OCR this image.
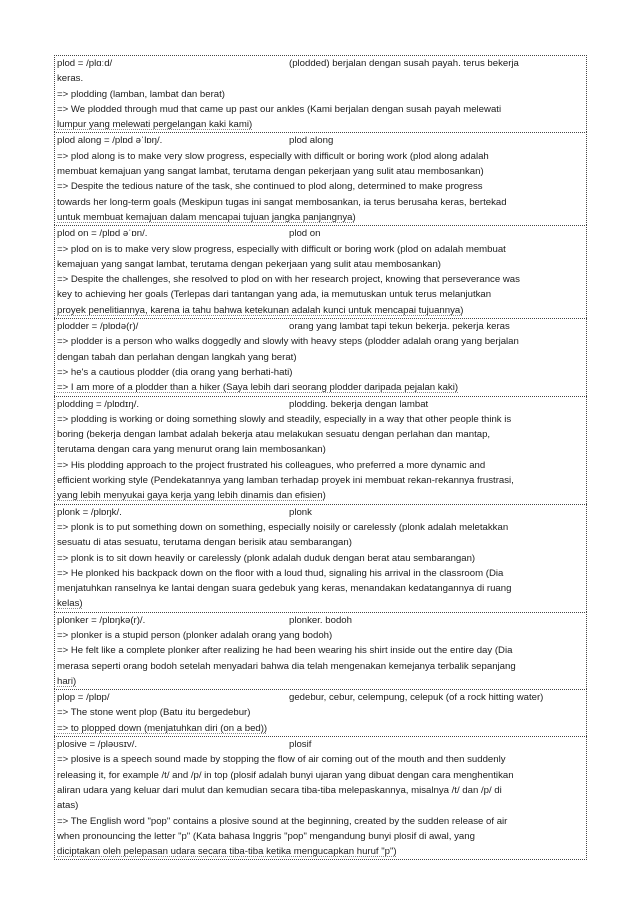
plod = /plɑːd/	(plodded) berjalan dengan susah payah. terus bekerja
keras.
=> plodding (lamban, lambat dan berat)
=> We plodded through mud that came up past our ankles (Kami berjalan dengan susah payah melewati
lumpur yang melewati pergelangan kaki kami)
plod along = /plɒd əˈlɒŋ/.	plod along
=> plod along is to make very slow progress, especially with difficult or boring work (plod along adalah
membuat kemajuan yang sangat lambat, terutama dengan pekerjaan yang sulit atau membosankan)
=> Despite the tedious nature of the task, she continued to plod along, determined to make progress
towards her long-term goals (Meskipun tugas ini sangat membosankan, ia terus berusaha keras, bertekad
untuk membuat kemajuan dalam mencapai tujuan jangka panjangnya)
plod on = /plɒd əˈɒn/.	plod on
=> plod on is to make very slow progress, especially with difficult or boring work (plod on adalah membuat
kemajuan yang sangat lambat, terutama dengan pekerjaan yang sulit atau membosankan)
=> Despite the challenges, she resolved to plod on with her research project, knowing that perseverance was
key to achieving her goals (Terlepas dari tantangan yang ada, ia memutuskan untuk terus melanjutkan
proyek penelitiannya, karena ia tahu bahwa ketekunan adalah kunci untuk mencapai tujuannya)
plodder = /plɒdə(r)/	orang yang lambat tapi tekun bekerja. pekerja keras
=> plodder is a person who walks doggedly and slowly with heavy steps (plodder adalah orang yang berjalan
dengan tabah dan perlahan dengan langkah yang berat)
=> he's a cautious plodder (dia orang yang berhati-hati)
=> I am more of a plodder than a hiker (Saya lebih dari seorang plodder daripada pejalan kaki)
plodding = /plɒdɪŋ/.	plodding. bekerja dengan lambat
=> plodding is working or doing something slowly and steadily, especially in a way that other people think is
boring (bekerja dengan lambat adalah bekerja atau melakukan sesuatu dengan perlahan dan mantap,
terutama dengan cara yang menurut orang lain membosankan)
=> His plodding approach to the project frustrated his colleagues, who preferred a more dynamic and
efficient working style (Pendekatannya yang lamban terhadap proyek ini membuat rekan-rekannya frustrasi,
yang lebih menyukai gaya kerja yang lebih dinamis dan efisien)
plonk = /plɒŋk/.	plonk
=> plonk is to put something down on something, especially noisily or carelessly (plonk adalah meletakkan
sesuatu di atas sesuatu, terutama dengan berisik atau sembarangan)
=> plonk is to sit down heavily or carelessly (plonk adalah duduk dengan berat atau sembarangan)
=> He plonked his backpack down on the floor with a loud thud, signaling his arrival in the classroom (Dia
menjatuhkan ranselnya ke lantai dengan suara gedebuk yang keras, menandakan kedatangannya di ruang
kelas)
plonker = /plɒŋkə(r)/.	plonker. bodoh
=> plonker is a stupid person (plonker adalah orang yang bodoh)
=> He felt like a complete plonker after realizing he had been wearing his shirt inside out the entire day (Dia
merasa seperti orang bodoh setelah menyadari bahwa dia telah mengenakan kemejanya terbalik sepanjang
hari)
plop = /plɒp/	gedebur, cebur, celempung, celepuk (of a rock hitting water)
=> The stone went plop (Batu itu bergedebur)
=> to plopped down (menjatuhkan diri (on a bed))
plosive = /pləʊsɪv/.	plosif
=> plosive is a speech sound made by stopping the flow of air coming out of the mouth and then suddenly
releasing it, for example /t/ and /p/ in top (plosif adalah bunyi ujaran yang dibuat dengan cara menghentikan
aliran udara yang keluar dari mulut dan kemudian secara tiba-tiba melepaskannya, misalnya /t/ dan /p/ di
atas)
=> The English word "pop" contains a plosive sound at the beginning, created by the sudden release of air
when pronouncing the letter "p" (Kata bahasa Inggris "pop" mengandung bunyi plosif di awal, yang
diciptakan oleh pelepasan udara secara tiba-tiba ketika mengucapkan huruf "p")
